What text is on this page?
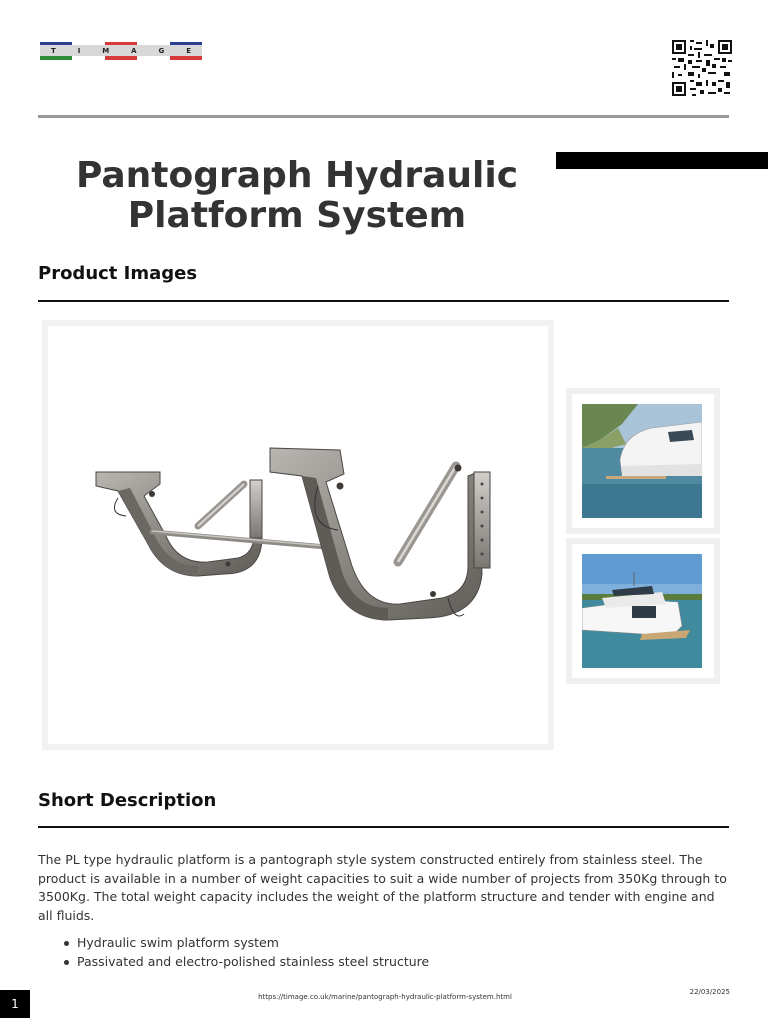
T	I	M	A	G	E
Pantograph Hydraulic
Platform System
Product Images
Short Description

The PL type hydraulic platform is a pantograph style system constructed entirely from stainless steel. The product is available in a number of weight capacities to suit a wide number of projects from 350Kg through to 3500Kg. The total weight capacity includes the weight of the platform structure and tender with engine and all fluids.

Hydraulic swim platform system
Passivated and electro-polished stainless steel structure
1	https://timage.co.uk/marine/pantograph-hydraulic-platform-system.html
22/03/2025
